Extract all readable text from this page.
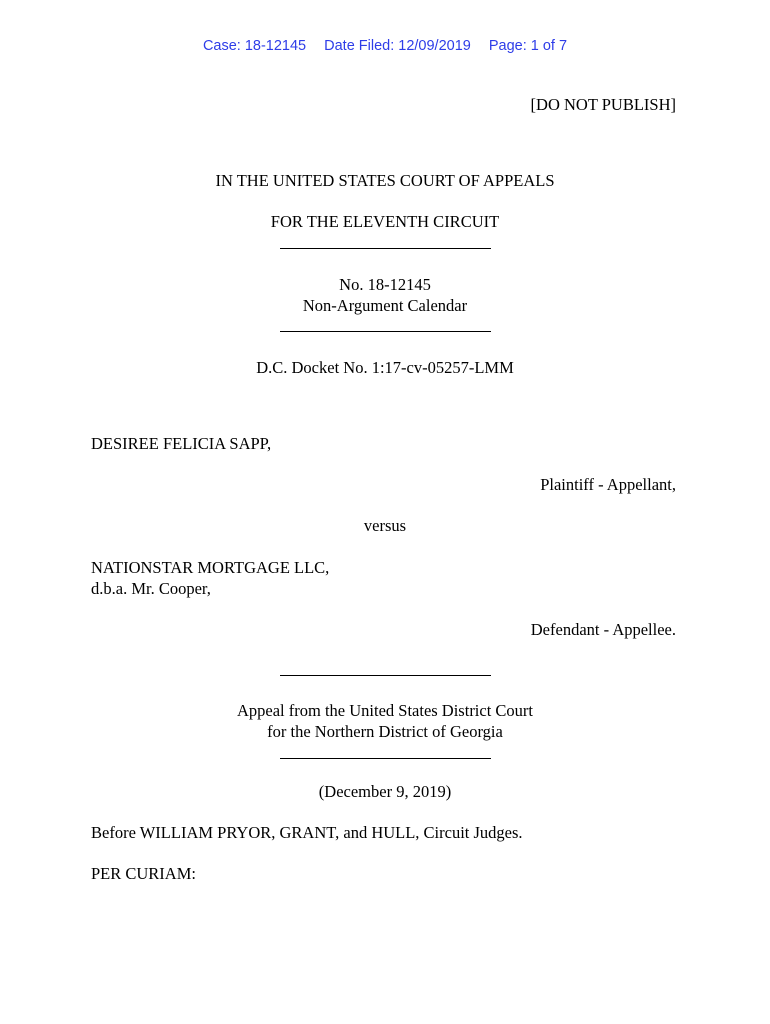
Case: 18-12145 Date Filed: 12/09/2019 Page: 1 of 7
[DO NOT PUBLISH]
IN THE UNITED STATES COURT OF APPEALS
FOR THE ELEVENTH CIRCUIT
No. 18-12145
Non-Argument Calendar
D.C. Docket No. 1:17-cv-05257-LMM
DESIREE FELICIA SAPP,
Plaintiff - Appellant,
versus
NATIONSTAR MORTGAGE LLC,
d.b.a. Mr. Cooper,
Defendant - Appellee.
Appeal from the United States District Court
for the Northern District of Georgia
(December 9, 2019)
Before WILLIAM PRYOR, GRANT, and HULL, Circuit Judges.
PER CURIAM:
